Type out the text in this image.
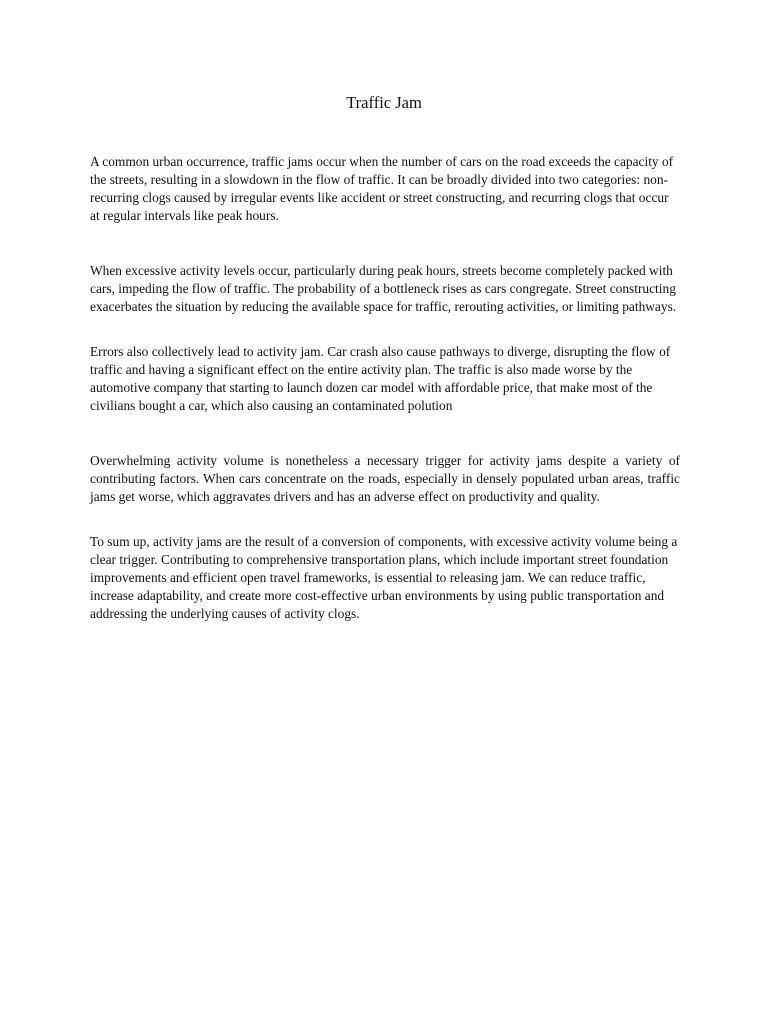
Traffic Jam

A common urban occurrence, traffic jams occur when the number of cars on the road exceeds the capacity of the streets, resulting in a slowdown in the flow of traffic. It can be broadly divided into two categories: non-recurring clogs caused by irregular events like accident or street constructing, and recurring clogs that occur at regular intervals like peak hours.

When excessive activity levels occur, particularly during peak hours, streets become completely packed with cars, impeding the flow of traffic. The probability of a bottleneck rises as cars congregate. Street constructing exacerbates the situation by reducing the available space for traffic, rerouting activities, or limiting pathways.

Errors also collectively lead to activity jam. Car crash also cause pathways to diverge, disrupting the flow of traffic and having a significant effect on the entire activity plan. The traffic is also made worse by the automotive company that starting to launch dozen car model with affordable price, that make most of the civilians bought a car, which also causing an contaminated polution

Overwhelming activity volume is nonetheless a necessary trigger for activity jams despite a variety of contributing factors. When cars concentrate on the roads, especially in densely populated urban areas, traffic jams get worse, which aggravates drivers and has an adverse effect on productivity and quality.

To sum up, activity jams are the result of a conversion of components, with excessive activity volume being a clear trigger. Contributing to comprehensive transportation plans, which include important street foundation improvements and efficient open travel frameworks, is essential to releasing jam. We can reduce traffic, increase adaptability, and create more cost-effective urban environments by using public transportation and addressing the underlying causes of activity clogs.
